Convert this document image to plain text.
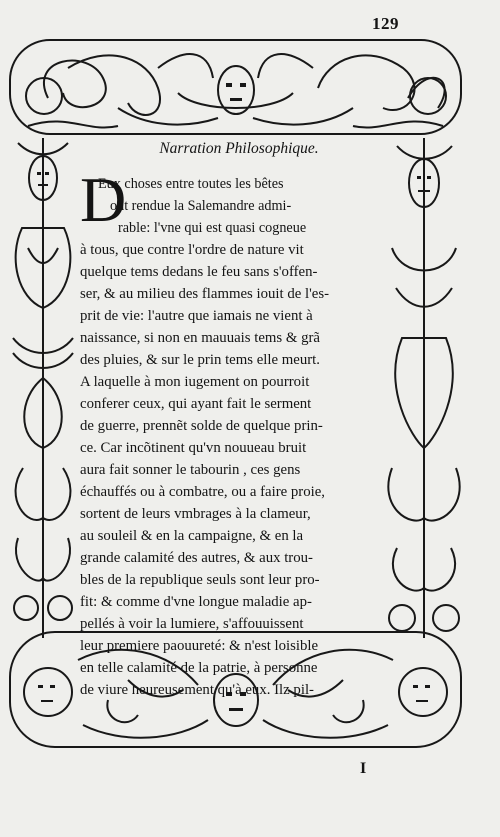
129
Narration Philosophique.
D
Eux choses entre toutes les bêtes
ont rendue la Salemandre admi-
rable: l'vne qui est quasi cogneue
à tous, que contre l'ordre de nature vit
quelque tems dedans le feu sans s'offen-
ser, & au milieu des flammes iouit de l'es-
prit de vie: l'autre que iamais ne vient à
naissance, si non en mauuais tems & grã
des pluies, & sur le prin tems elle meurt.
A laquelle à mon iugement on pourroit
conferer ceux, qui ayant fait le serment
de guerre, prennẽt solde de quelque prin-
ce. Car incõtinent qu'vn nouueau bruit
aura fait sonner le tabourin , ces gens
échauffés ou à combatre, ou a faire proie,
sortent de leurs vmbrages à la clameur,
au souleil & en la campaigne, & en la
grande calamité des autres, & aux trou-
bles de la republique seuls sont leur pro-
fit: & comme d'vne longue maladie ap-
pellés à voir la lumiere, s'affouuissent
leur premiere paouureté: & n'est loisible
en telle calamité de la patrie, à personne
de viure heureusement qu'à eux. Ilz pil-
I
